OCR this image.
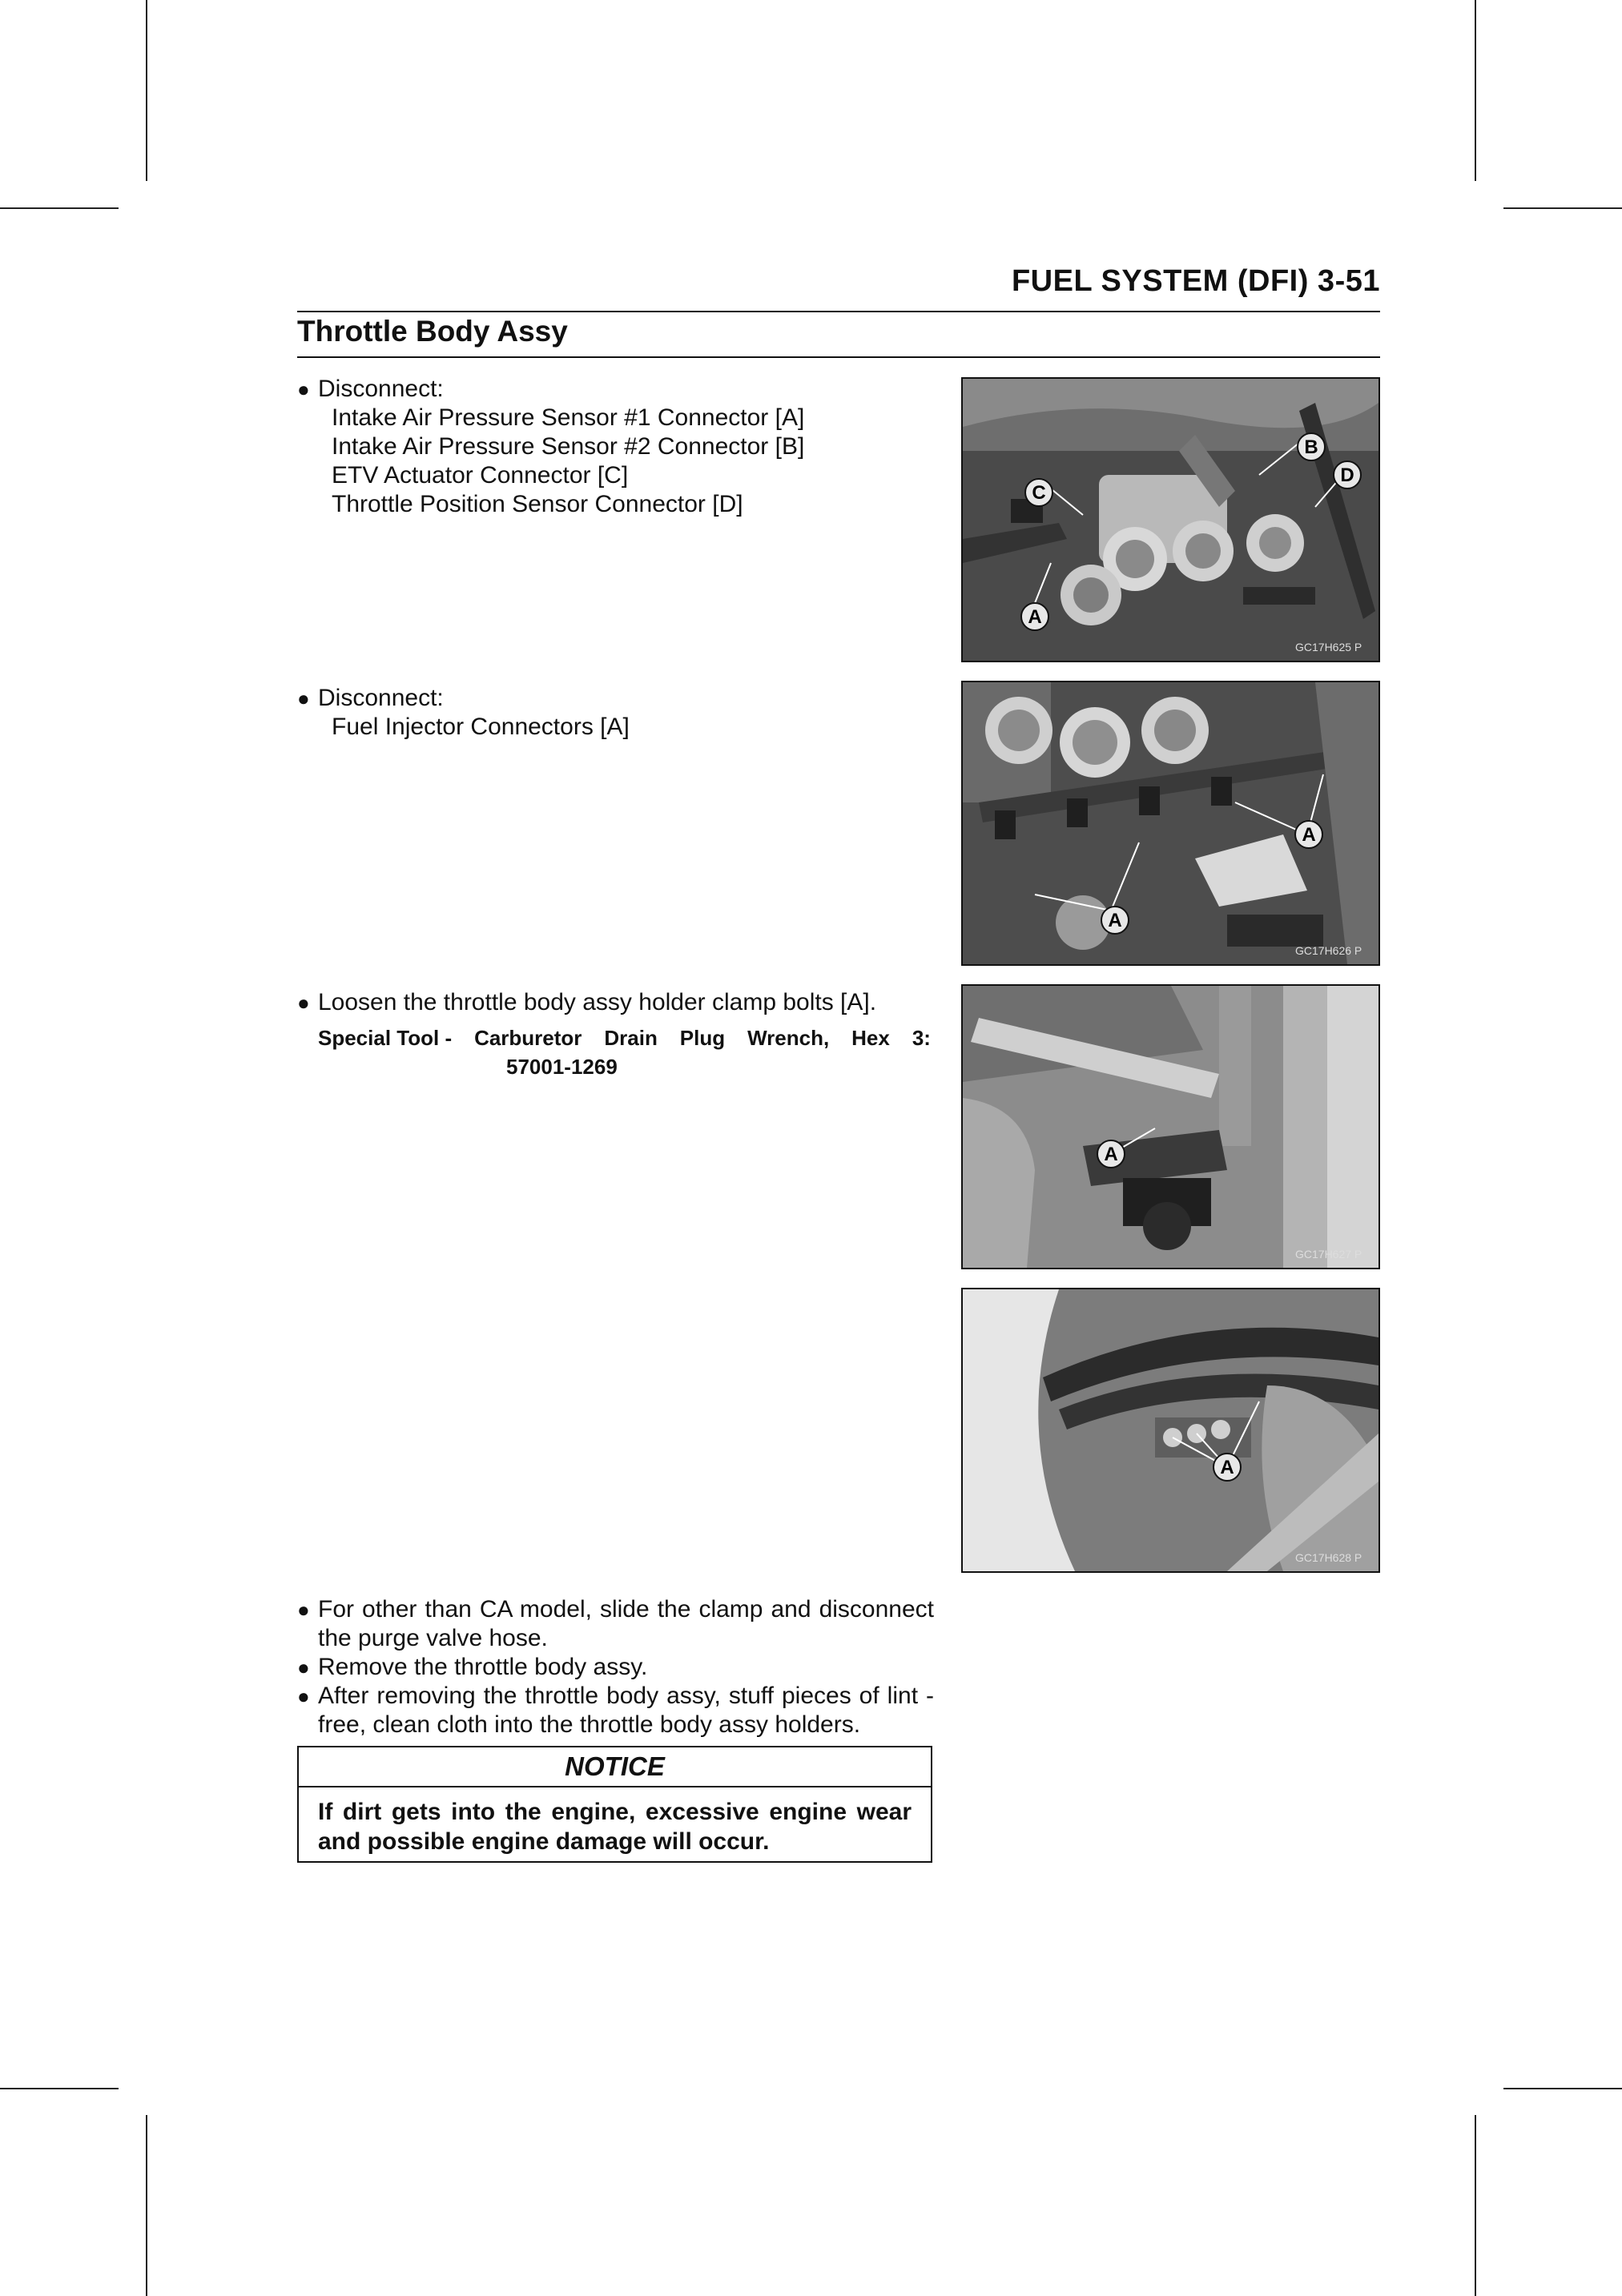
FUEL SYSTEM (DFI) 3-51
Throttle Body Assy
● Disconnect:
Intake Air Pressure Sensor #1 Connector [A]
Intake Air Pressure Sensor #2 Connector [B]
ETV Actuator Connector [C]
Throttle Position Sensor Connector [D]
● Disconnect:
Fuel Injector Connectors [A]
● Loosen the throttle body assy holder clamp bolts [A].
Special Tool - Carburetor Drain Plug Wrench, Hex 3:
57001-1269
● For other than CA model, slide the clamp and disconnect the purge valve hose.
● Remove the throttle body assy.
● After removing the throttle body assy, stuff pieces of lint -free, clean cloth into the throttle body assy holders.
NOTICE
If dirt gets into the engine, excessive engine wear and possible engine damage will occur.
C
A
B
D
GC17H625 P
A
A
GC17H626 P
A
GC17H627 P
A
GC17H628 P
